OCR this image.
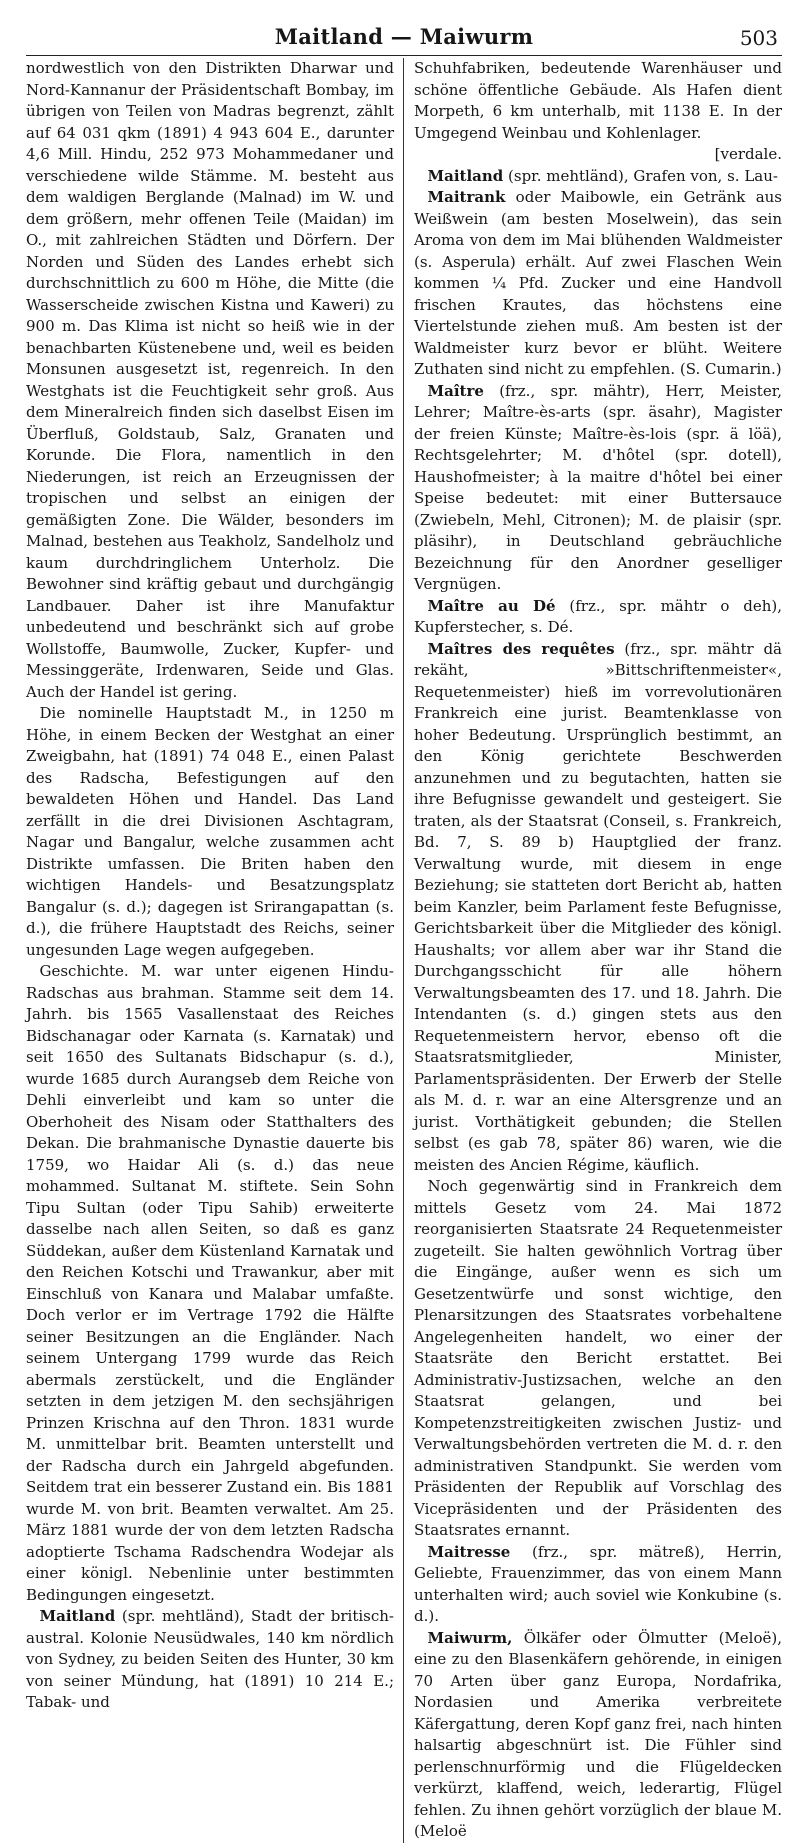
Maitland — Maiwurm	503

nordwestlich von den Distrikten Dharwar und Nord-Kannanur der Präsidentschaft Bombay, im übrigen von Teilen von Madras begrenzt, zählt auf 64 031 qkm (1891) 4 943 604 E., darunter 4,6 Mill. Hindu, 252 973 Mohammedaner und verschiedene wilde Stämme. M. besteht aus dem waldigen Berglande (Malnad) im W. und dem größern, mehr offenen Teile (Maidan) im O., mit zahlreichen Städten und Dörfern. Der Norden und Süden des Landes erhebt sich durchschnittlich zu 600 m Höhe, die Mitte (die Wasserscheide zwischen Kistna und Kaweri) zu 900 m. Das Klima ist nicht so heiß wie in der benachbarten Küstenebene und, weil es beiden Monsunen ausgesetzt ist, regenreich. In den Westghats ist die Feuchtigkeit sehr groß. Aus dem Mineralreich finden sich daselbst Eisen im Überfluß, Goldstaub, Salz, Granaten und Korunde. Die Flora, namentlich in den Niederungen, ist reich an Erzeugnissen der tropischen und selbst an einigen der gemäßigten Zone. Die Wälder, besonders im Malnad, bestehen aus Teakholz, Sandelholz und kaum durchdringlichem Unterholz. Die Bewohner sind kräftig gebaut und durchgängig Landbauer. Daher ist ihre Manufaktur unbedeutend und beschränkt sich auf grobe Wollstoffe, Baumwolle, Zucker, Kupfer- und Messinggeräte, Irdenwaren, Seide und Glas. Auch der Handel ist gering.

Die nominelle Hauptstadt M., in 1250 m Höhe, in einem Becken der Westghat an einer Zweigbahn, hat (1891) 74 048 E., einen Palast des Radscha, Befestigungen auf den bewaldeten Höhen und Handel. Das Land zerfällt in die drei Divisionen Aschtagram, Nagar und Bangalur, welche zusammen acht Distrikte umfassen. Die Briten haben den wichtigen Handels- und Besatzungsplatz Bangalur (s. d.); dagegen ist Srirangapattan (s. d.), die frühere Hauptstadt des Reichs, seiner ungesunden Lage wegen aufgegeben.

Geschichte. M. war unter eigenen Hindu-Radschas aus brahman. Stamme seit dem 14. Jahrh. bis 1565 Vasallenstaat des Reiches Bidschanagar oder Karnata (s. Karnatak) und seit 1650 des Sultanats Bidschapur (s. d.), wurde 1685 durch Aurangseb dem Reiche von Dehli einverleibt und kam so unter die Oberhoheit des Nisam oder Statthalters des Dekan. Die brahmanische Dynastie dauerte bis 1759, wo Haidar Ali (s. d.) das neue mohammed. Sultanat M. stiftete. Sein Sohn Tipu Sultan (oder Tipu Sahib) erweiterte dasselbe nach allen Seiten, so daß es ganz Süddekan, außer dem Küstenland Karnatak und den Reichen Kotschi und Trawankur, aber mit Einschluß von Kanara und Malabar umfaßte. Doch verlor er im Vertrage 1792 die Hälfte seiner Besitzungen an die Engländer. Nach seinem Untergang 1799 wurde das Reich abermals zerstückelt, und die Engländer setzten in dem jetzigen M. den sechsjährigen Prinzen Krischna auf den Thron. 1831 wurde M. unmittelbar brit. Beamten unterstellt und der Radscha durch ein Jahrgeld abgefunden. Seitdem trat ein besserer Zustand ein. Bis 1881 wurde M. von brit. Beamten verwaltet. Am 25. März 1881 wurde der von dem letzten Radscha adoptierte Tschama Radschendra Wodejar als einer königl. Nebenlinie unter bestimmten Bedingungen eingesetzt.

Maitland (spr. mehtländ), Stadt der britisch-austral. Kolonie Neusüdwales, 140 km nördlich von Sydney, zu beiden Seiten des Hunter, 30 km von seiner Mündung, hat (1891) 10 214 E.; Tabak- und

Schuhfabriken, bedeutende Warenhäuser und schöne öffentliche Gebäude. Als Hafen dient Morpeth, 6 km unterhalb, mit 1138 E. In der Umgegend Weinbau und Kohlenlager.

[verdale.

Maitland (spr. mehtländ), Grafen von, s. Lau-

Maitrank oder Maibowle, ein Getränk aus Weißwein (am besten Moselwein), das sein Aroma von dem im Mai blühenden Waldmeister (s. Asperula) erhält. Auf zwei Flaschen Wein kommen ¼ Pfd. Zucker und eine Handvoll frischen Krautes, das höchstens eine Viertelstunde ziehen muß. Am besten ist der Waldmeister kurz bevor er blüht. Weitere Zuthaten sind nicht zu empfehlen. (S. Cumarin.)

Maître (frz., spr. mähtr), Herr, Meister, Lehrer; Maître-ès-arts (spr. äsahr), Magister der freien Künste; Maître-ès-lois (spr. ä löä), Rechtsgelehrter; M. d'hôtel (spr. dotell), Haushofmeister; à la maitre d'hôtel bei einer Speise bedeutet: mit einer Buttersauce (Zwiebeln, Mehl, Citronen); M. de plaisir (spr. pläsihr), in Deutschland gebräuchliche Bezeichnung für den Anordner geselliger Vergnügen.

Maître au Dé (frz., spr. mähtr o deh), Kupferstecher, s. Dé.

Maîtres des requêtes (frz., spr. mähtr dä rekäht, »Bittschriftenmeister«, Requetenmeister) hieß im vorrevolutionären Frankreich eine jurist. Beamtenklasse von hoher Bedeutung. Ursprünglich bestimmt, an den König gerichtete Beschwerden anzunehmen und zu begutachten, hatten sie ihre Befugnisse gewandelt und gesteigert. Sie traten, als der Staatsrat (Conseil, s. Frankreich, Bd. 7, S. 89 b) Hauptglied der franz. Verwaltung wurde, mit diesem in enge Beziehung; sie statteten dort Bericht ab, hatten beim Kanzler, beim Parlament feste Befugnisse, Gerichtsbarkeit über die Mitglieder des königl. Haushalts; vor allem aber war ihr Stand die Durchgangsschicht für alle höhern Verwaltungsbeamten des 17. und 18. Jahrh. Die Intendanten (s. d.) gingen stets aus den Requetenmeistern hervor, ebenso oft die Staatsratsmitglieder, Minister, Parlamentspräsidenten. Der Erwerb der Stelle als M. d. r. war an eine Altersgrenze und an jurist. Vorthätigkeit gebunden; die Stellen selbst (es gab 78, später 86) waren, wie die meisten des Ancien Régime, käuflich.

Noch gegenwärtig sind in Frankreich dem mittels Gesetz vom 24. Mai 1872 reorganisierten Staatsrate 24 Requetenmeister zugeteilt. Sie halten gewöhnlich Vortrag über die Eingänge, außer wenn es sich um Gesetzentwürfe und sonst wichtige, den Plenarsitzungen des Staatsrates vorbehaltene Angelegenheiten handelt, wo einer der Staatsräte den Bericht erstattet. Bei Administrativ-Justizsachen, welche an den Staatsrat gelangen, und bei Kompetenzstreitigkeiten zwischen Justiz- und Verwaltungsbehörden vertreten die M. d. r. den administrativen Standpunkt. Sie werden vom Präsidenten der Republik auf Vorschlag des Vicepräsidenten und der Präsidenten des Staatsrates ernannt.

Maitresse (frz., spr. mätreß), Herrin, Geliebte, Frauenzimmer, das von einem Mann unterhalten wird; auch soviel wie Konkubine (s. d.).

Maiwurm, Ölkäfer oder Ölmutter (Meloë), eine zu den Blasenkäfern gehörende, in einigen 70 Arten über ganz Europa, Nordafrika, Nordasien und Amerika verbreitete Käfergattung, deren Kopf ganz frei, nach hinten halsartig abgeschnürt ist. Die Fühler sind perlenschnurförmig und die Flügeldecken verkürzt, klaffend, weich, lederartig, Flügel fehlen. Zu ihnen gehört vorzüglich der blaue M. (Meloë
